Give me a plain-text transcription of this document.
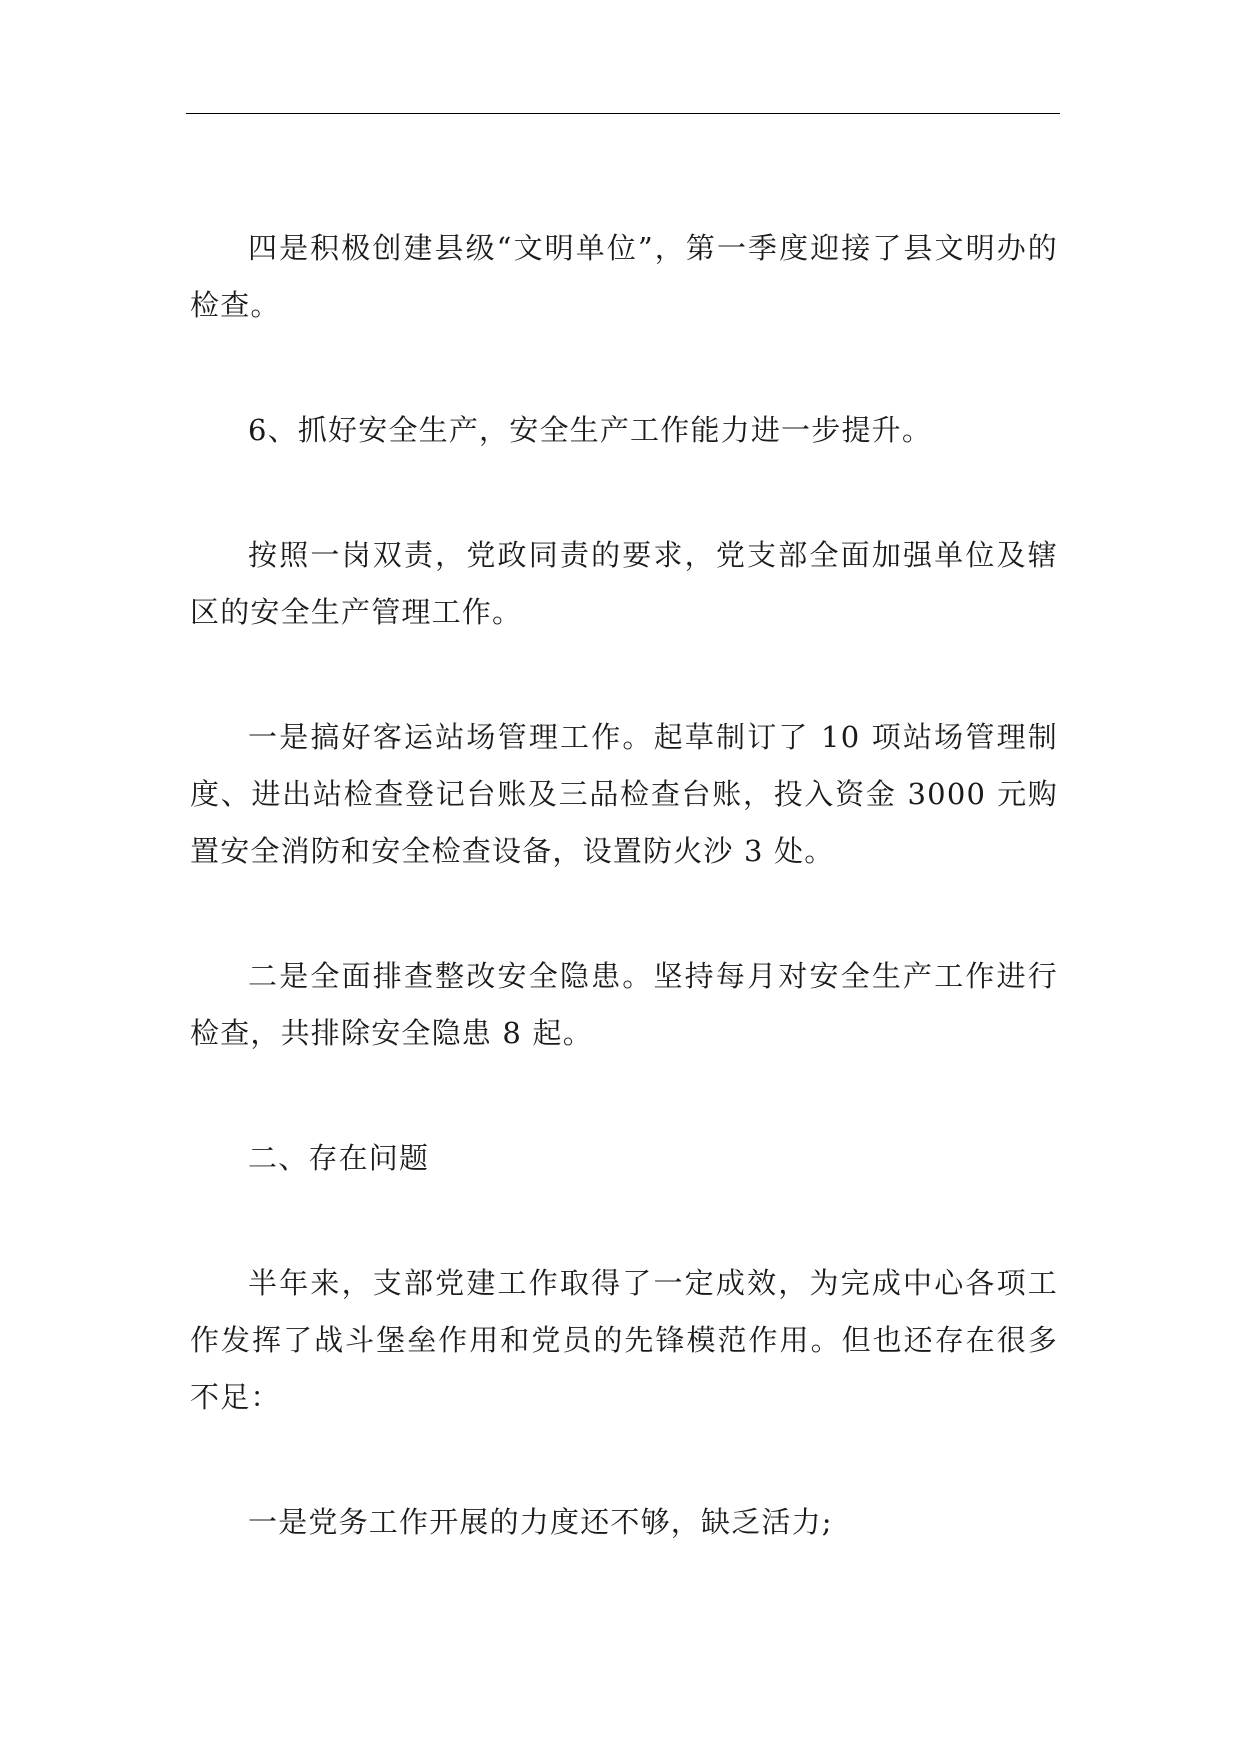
四是积极创建县级“文明单位”，第一季度迎接了县文明办的检查。

6、抓好安全生产，安全生产工作能力进一步提升。

按照一岗双责，党政同责的要求，党支部全面加强单位及辖区的安全生产管理工作。

一是搞好客运站场管理工作。起草制订了 10 项站场管理制度、进出站检查登记台账及三品检查台账，投入资金 3000 元购置安全消防和安全检查设备，设置防火沙 3 处。

二是全面排查整改安全隐患。坚持每月对安全生产工作进行检查，共排除安全隐患 8 起。

二、存在问题

半年来，支部党建工作取得了一定成效，为完成中心各项工作发挥了战斗堡垒作用和党员的先锋模范作用。但也还存在很多不足：

一是党务工作开展的力度还不够，缺乏活力;
